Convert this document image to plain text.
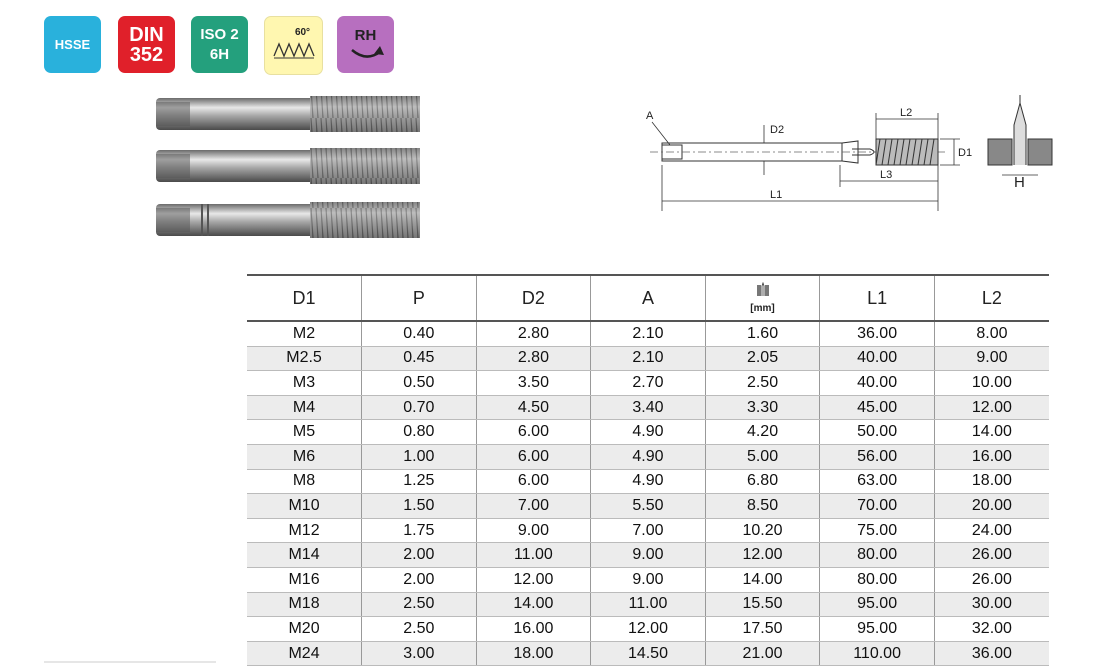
HSSE DIN
352
ISO 2
6H
60°	RH
A
D2
L2
D1
L3
L1
H
D1	P	D2	A	[mm]	L1	L2
M2	0.40	2.80	2.10	1.60	36.00	8.00
M2.5	0.45	2.80	2.10	2.05	40.00	9.00
M3	0.50	3.50	2.70	2.50	40.00	10.00
M4	0.70	4.50	3.40	3.30	45.00	12.00
M5	0.80	6.00	4.90	4.20	50.00	14.00
M6	1.00	6.00	4.90	5.00	56.00	16.00
M8	1.25	6.00	4.90	6.80	63.00	18.00
M10	1.50	7.00	5.50	8.50	70.00	20.00
M12	1.75	9.00	7.00	10.20	75.00	24.00
M14	2.00	11.00	9.00	12.00	80.00	26.00
M16	2.00	12.00	9.00	14.00	80.00	26.00
M18	2.50	14.00	11.00	15.50	95.00	30.00
M20	2.50	16.00	12.00	17.50	95.00	32.00
M24	3.00	18.00	14.50	21.00	110.00	36.00
